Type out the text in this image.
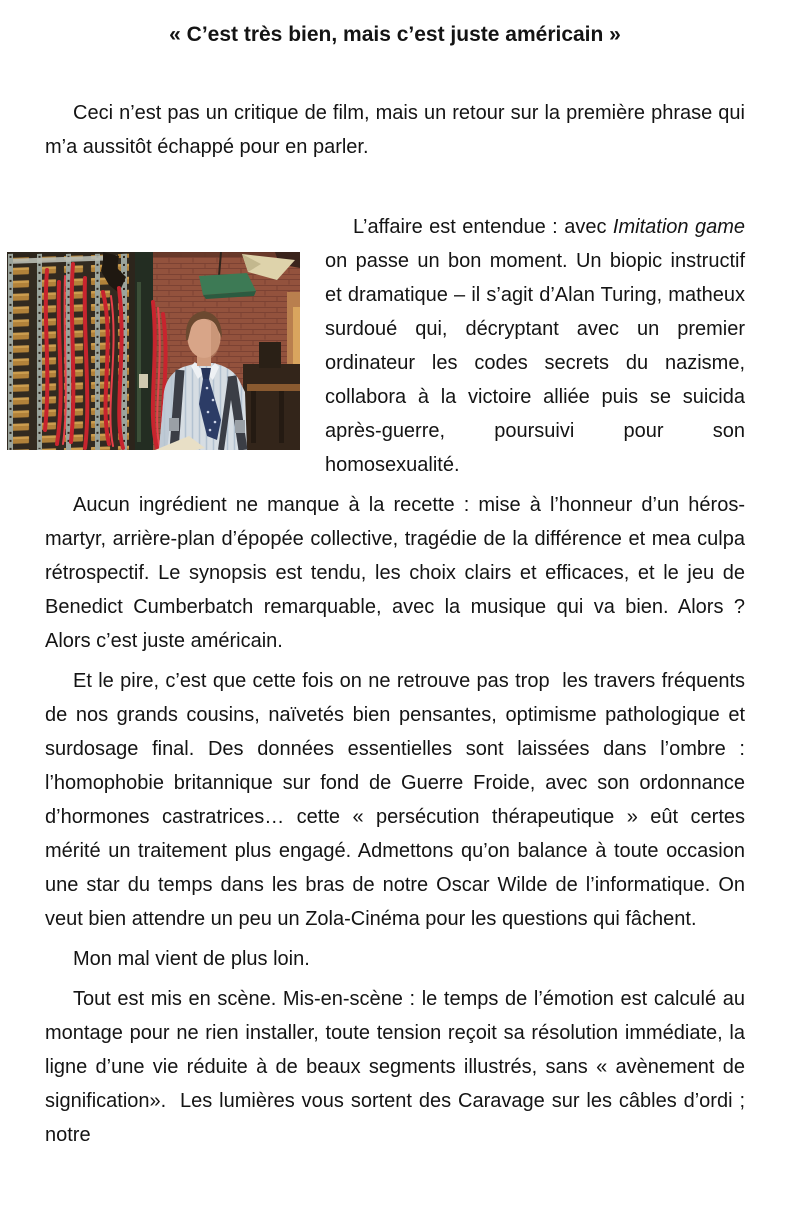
« C’est très bien, mais c’est juste américain »

Ceci n’est pas un critique de film, mais un retour sur la première phrase qui m’a aussitôt échappé pour en parler.

L’affaire est entendue : avec Imitation game on passe un bon moment. Un biopic instructif et dramatique – il s’agit d’Alan Turing, matheux surdoué qui, décryptant avec un premier ordinateur les codes secrets du nazisme, collabora à la victoire alliée puis se suicida après-guerre, poursuivi pour son homosexualité.

Aucun ingrédient ne manque à la recette : mise à l’honneur d’un héros-martyr, arrière-plan d’épopée collective, tragédie de la différence et mea culpa rétrospectif. Le synopsis est tendu, les choix clairs et efficaces, et le jeu de Benedict Cumberbatch remarquable, avec la musique qui va bien. Alors ? Alors c’est juste américain.

Et le pire, c’est que cette fois on ne retrouve pas trop  les travers fréquents de nos grands cousins, naïvetés bien pensantes, optimisme pathologique et surdosage final. Des données essentielles sont laissées dans l’ombre : l’homophobie britannique sur fond de Guerre Froide, avec son ordonnance d’hormones castratrices… cette « persécution thérapeutique » eût certes mérité un traitement plus engagé. Admettons qu’on balance à toute occasion une star du temps dans les bras de notre Oscar Wilde de l’informatique. On veut bien attendre un peu un Zola-Cinéma pour les questions qui fâchent.

Mon mal vient de plus loin.

Tout est mis en scène. Mis-en-scène : le temps de l’émotion est calculé au montage pour ne rien installer, toute tension reçoit sa résolution immédiate, la ligne d’une vie réduite à de beaux segments illustrés, sans « avènement de signification».  Les lumières vous sortent des Caravage sur les câbles d’ordi ; notre
